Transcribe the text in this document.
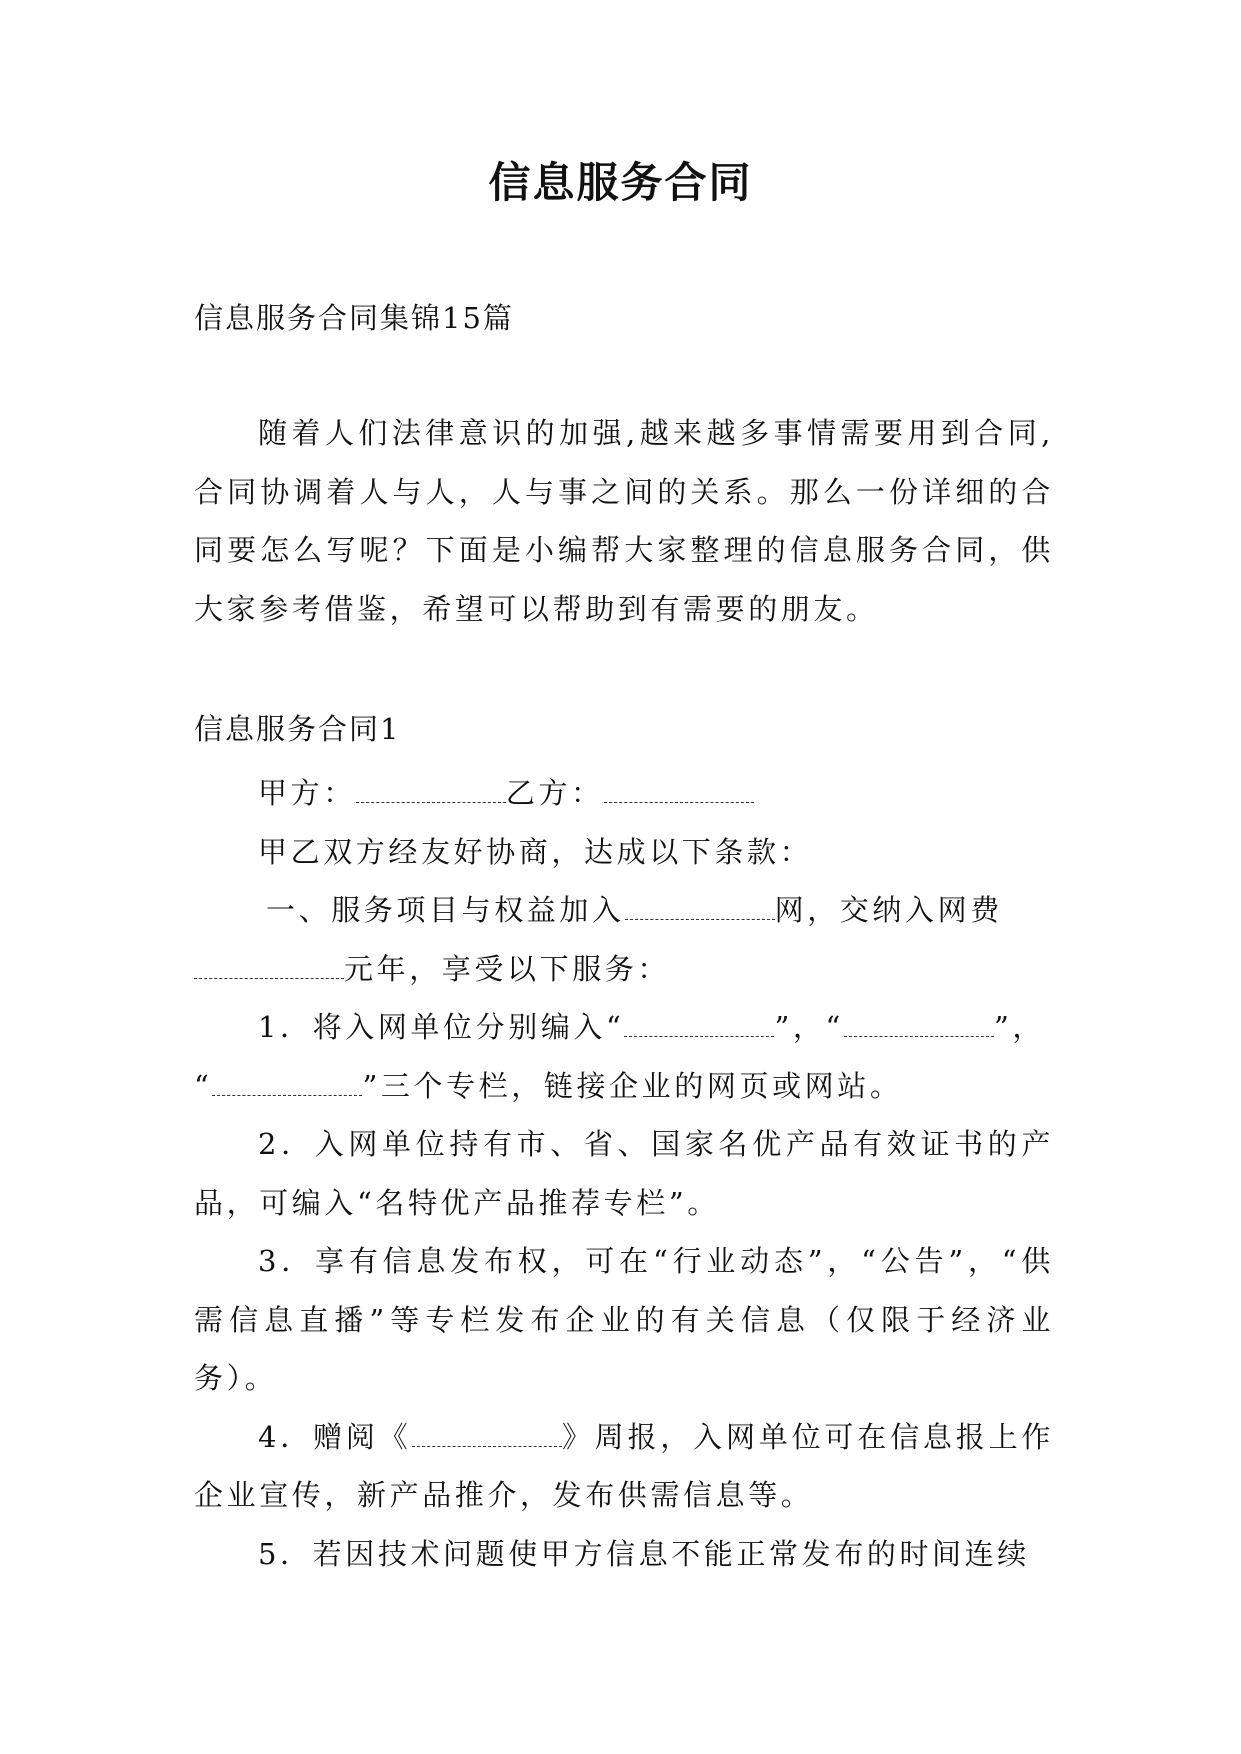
信息服务合同
信息服务合同集锦15篇
随着人们法律意识的加强,越来越多事情需要用到合同,合同协调着人与人，人与事之间的关系。那么一份详细的合同要怎么写呢？下面是小编帮大家整理的信息服务合同，供大家参考借鉴，希望可以帮助到有需要的朋友。
信息服务合同1

甲方：	乙方：

甲乙双方经友好协商，达成以下条款：

一、服务项目与权益加入	网，交纳入网费
元年，享受以下服务：

1．将入网单位分别编入“	”，“	”，
“	”三个专栏，链接企业的网页或网站。

2．入网单位持有市、省、国家名优产品有效证书的产品，可编入“名特优产品推荐专栏”。

3．享有信息发布权，可在“行业动态”，“公告”，“供需信息直播”等专栏发布企业的有关信息（仅限于经济业务）。

4．赠阅《	》周报，入网单位可在信息报上作企业宣传，新产品推介，发布供需信息等。

5．若因技术问题使甲方信息不能正常发布的时间连续
